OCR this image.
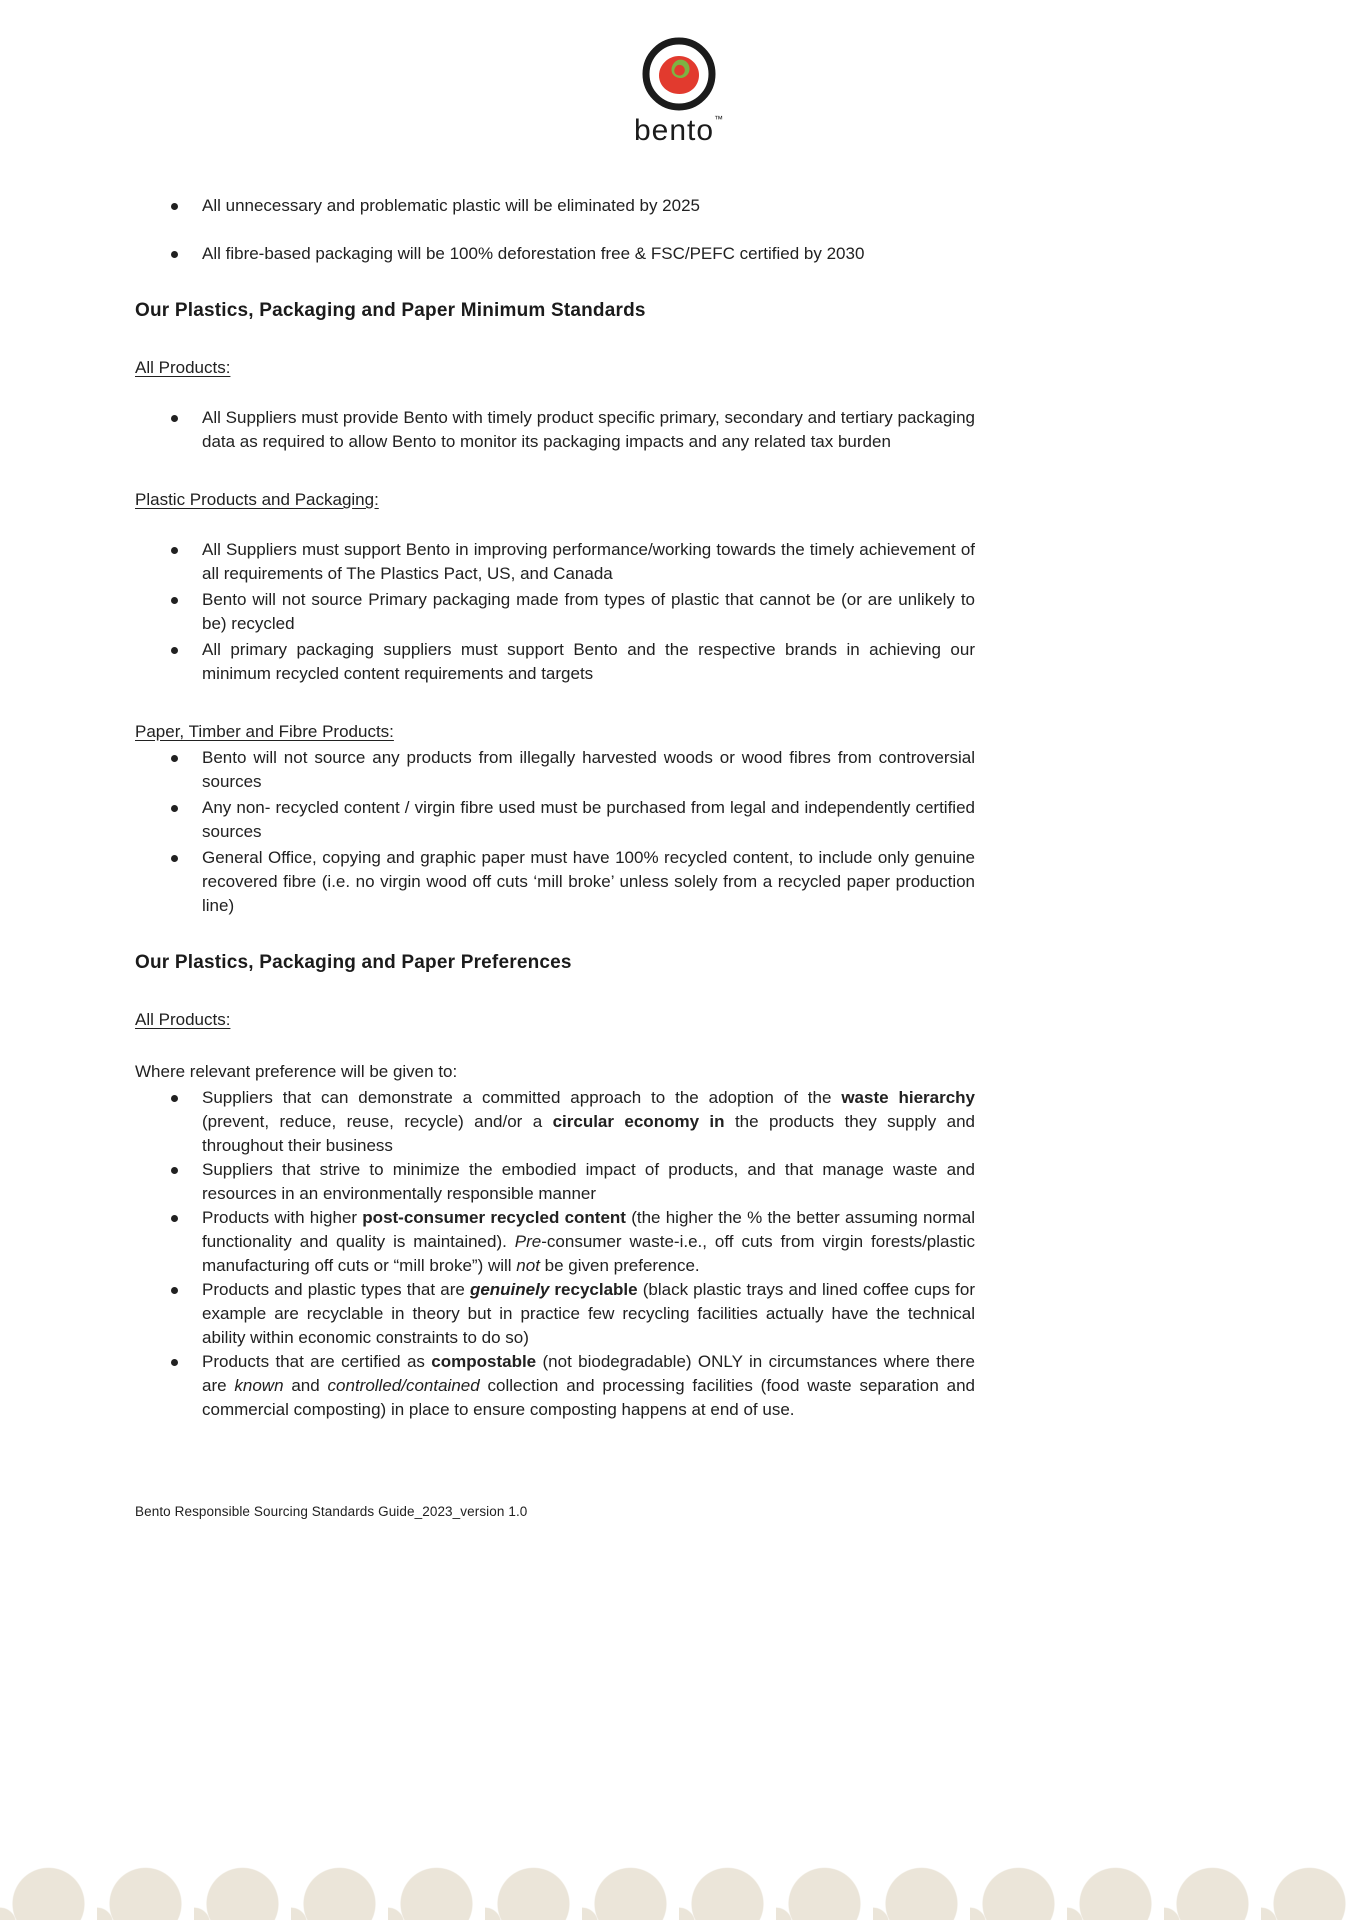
bento™
All unnecessary and problematic plastic will be eliminated by 2025
All fibre-based packaging will be 100% deforestation free & FSC/PEFC certified by 2030
Our Plastics, Packaging and Paper Minimum Standards
All Products:
All Suppliers must provide Bento with timely product specific primary, secondary and tertiary packaging data as required to allow Bento to monitor its packaging impacts and any related tax burden
Plastic Products and Packaging:
All Suppliers must support Bento in improving performance/working towards the timely achievement of all requirements of The Plastics Pact, US, and Canada
Bento will not source Primary packaging made from types of plastic that cannot be (or are unlikely to be) recycled
All primary packaging suppliers must support Bento and the respective brands in achieving our minimum recycled content requirements and targets
Paper, Timber and Fibre Products:
Bento will not source any products from illegally harvested woods or wood fibres from controversial sources
Any non- recycled content / virgin fibre used must be purchased from legal and independently certified sources
General Office, copying and graphic paper must have 100% recycled content, to include only genuine recovered fibre (i.e. no virgin wood off cuts ‘mill broke’ unless solely from a recycled paper production line)
Our Plastics, Packaging and Paper Preferences
All Products:

Where relevant preference will be given to:

Suppliers that can demonstrate a committed approach to the adoption of the waste hierarchy (prevent, reduce, reuse, recycle) and/or a circular economy in the products they supply and throughout their business
Suppliers that strive to minimize the embodied impact of products, and that manage waste and resources in an environmentally responsible manner
Products with higher post-consumer recycled content (the higher the % the better assuming normal functionality and quality is maintained). Pre-consumer waste-i.e., off cuts from virgin forests/plastic manufacturing off cuts or “mill broke”) will not be given preference.
Products and plastic types that are genuinely recyclable (black plastic trays and lined coffee cups for example are recyclable in theory but in practice few recycling facilities actually have the technical ability within economic constraints to do so)
Products that are certified as compostable (not biodegradable) ONLY in circumstances where there are known and controlled/contained collection and processing facilities (food waste separation and commercial composting) in place to ensure composting happens at end of use.
Bento Responsible Sourcing Standards Guide_2023_version 1.0
